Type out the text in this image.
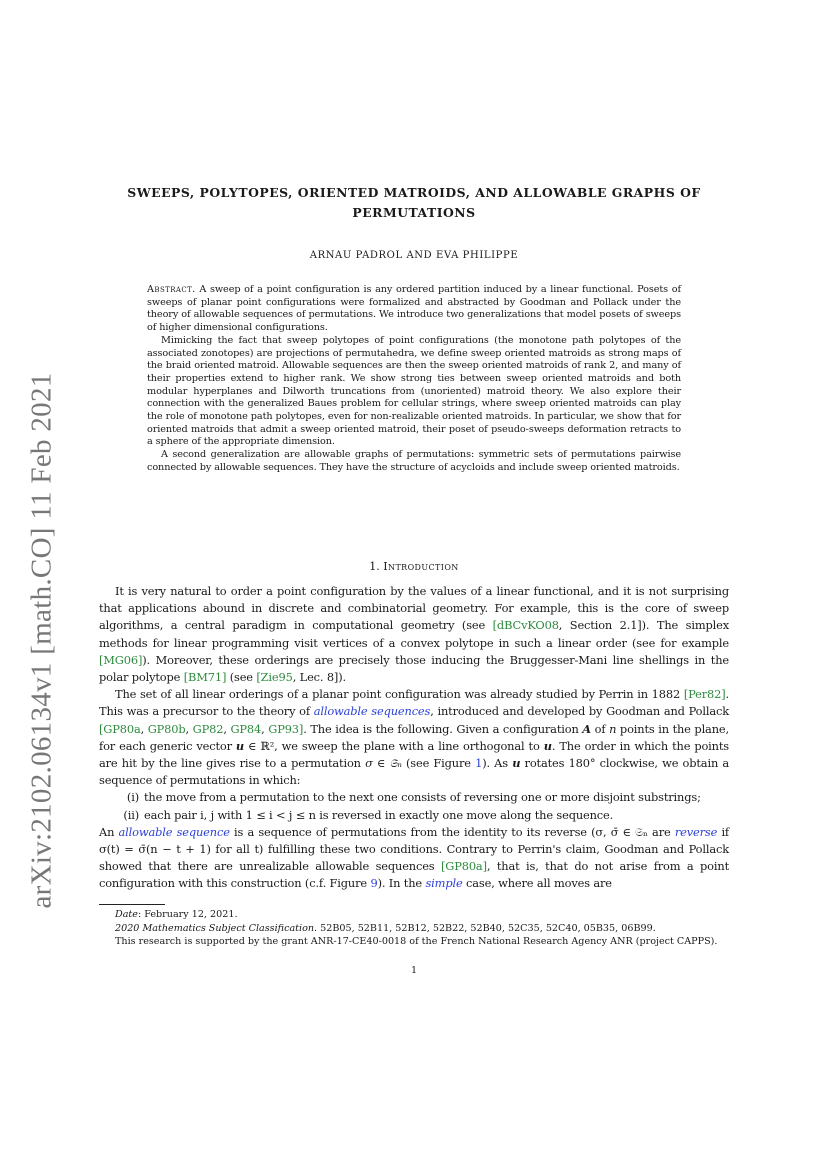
arXiv:2102.06134v1 [math.CO] 11 Feb 2021
SWEEPS, POLYTOPES, ORIENTED MATROIDS, AND ALLOWABLE GRAPHS OF
PERMUTATIONS
ARNAU PADROL AND EVA PHILIPPE

Abstract. A sweep of a point configuration is any ordered partition induced by a linear functional. Posets of sweeps of planar point configurations were formalized and abstracted by Goodman and Pollack under the theory of allowable sequences of permutations. We introduce two generalizations that model posets of sweeps of higher dimensional configurations.

Mimicking the fact that sweep polytopes of point configurations (the monotone path polytopes of the associated zonotopes) are projections of permutahedra, we define sweep oriented matroids as strong maps of the braid oriented matroid. Allowable sequences are then the sweep oriented matroids of rank 2, and many of their properties extend to higher rank. We show strong ties between sweep oriented matroids and both modular hyperplanes and Dilworth truncations from (unoriented) matroid theory. We also explore their connection with the generalized Baues problem for cellular strings, where sweep oriented matroids can play the role of monotone path polytopes, even for non-realizable oriented matroids. In particular, we show that for oriented matroids that admit a sweep oriented matroid, their poset of pseudo-sweeps deformation retracts to a sphere of the appropriate dimension.

A second generalization are allowable graphs of permutations: symmetric sets of permutations pairwise connected by allowable sequences. They have the structure of acycloids and include sweep oriented matroids.

1. Introduction

It is very natural to order a point configuration by the values of a linear functional, and it is not surprising that applications abound in discrete and combinatorial geometry. For example, this is the core of sweep algorithms, a central paradigm in computational geometry (see [dBCvKO08, Section 2.1]). The simplex methods for linear programming visit vertices of a convex polytope in such a linear order (see for example [MG06]). Moreover, these orderings are precisely those inducing the Bruggesser-Mani line shellings in the polar polytope [BM71] (see [Zie95, Lec. 8]).

The set of all linear orderings of a planar point configuration was already studied by Perrin in 1882 [Per82]. This was a precursor to the theory of allowable sequences, introduced and developed by Goodman and Pollack [GP80a, GP80b, GP82, GP84, GP93]. The idea is the following. Given a configuration A of n points in the plane, for each generic vector u ∈ ℝ², we sweep the plane with a line orthogonal to u. The order in which the points are hit by the line gives rise to a permutation σ ∈ 𝔖ₙ (see Figure 1). As u rotates 180° clockwise, we obtain a sequence of permutations in which:

(i) the move from a permutation to the next one consists of reversing one or more disjoint substrings;
(ii) each pair i, j with 1 ≤ i < j ≤ n is reversed in exactly one move along the sequence.

An allowable sequence is a sequence of permutations from the identity to its reverse (σ, σ̄ ∈ 𝔖ₙ are reverse if σ(t) = σ̄(n − t + 1) for all t) fulfilling these two conditions. Contrary to Perrin's claim, Goodman and Pollack showed that there are unrealizable allowable sequences [GP80a], that is, that do not arise from a point configuration with this construction (c.f. Figure 9). In the simple case, where all moves are

Date: February 12, 2021.

2020 Mathematics Subject Classification. 52B05, 52B11, 52B12, 52B22, 52B40, 52C35, 52C40, 05B35, 06B99.

This research is supported by the grant ANR-17-CE40-0018 of the French National Research Agency ANR (project CAPPS).

1
